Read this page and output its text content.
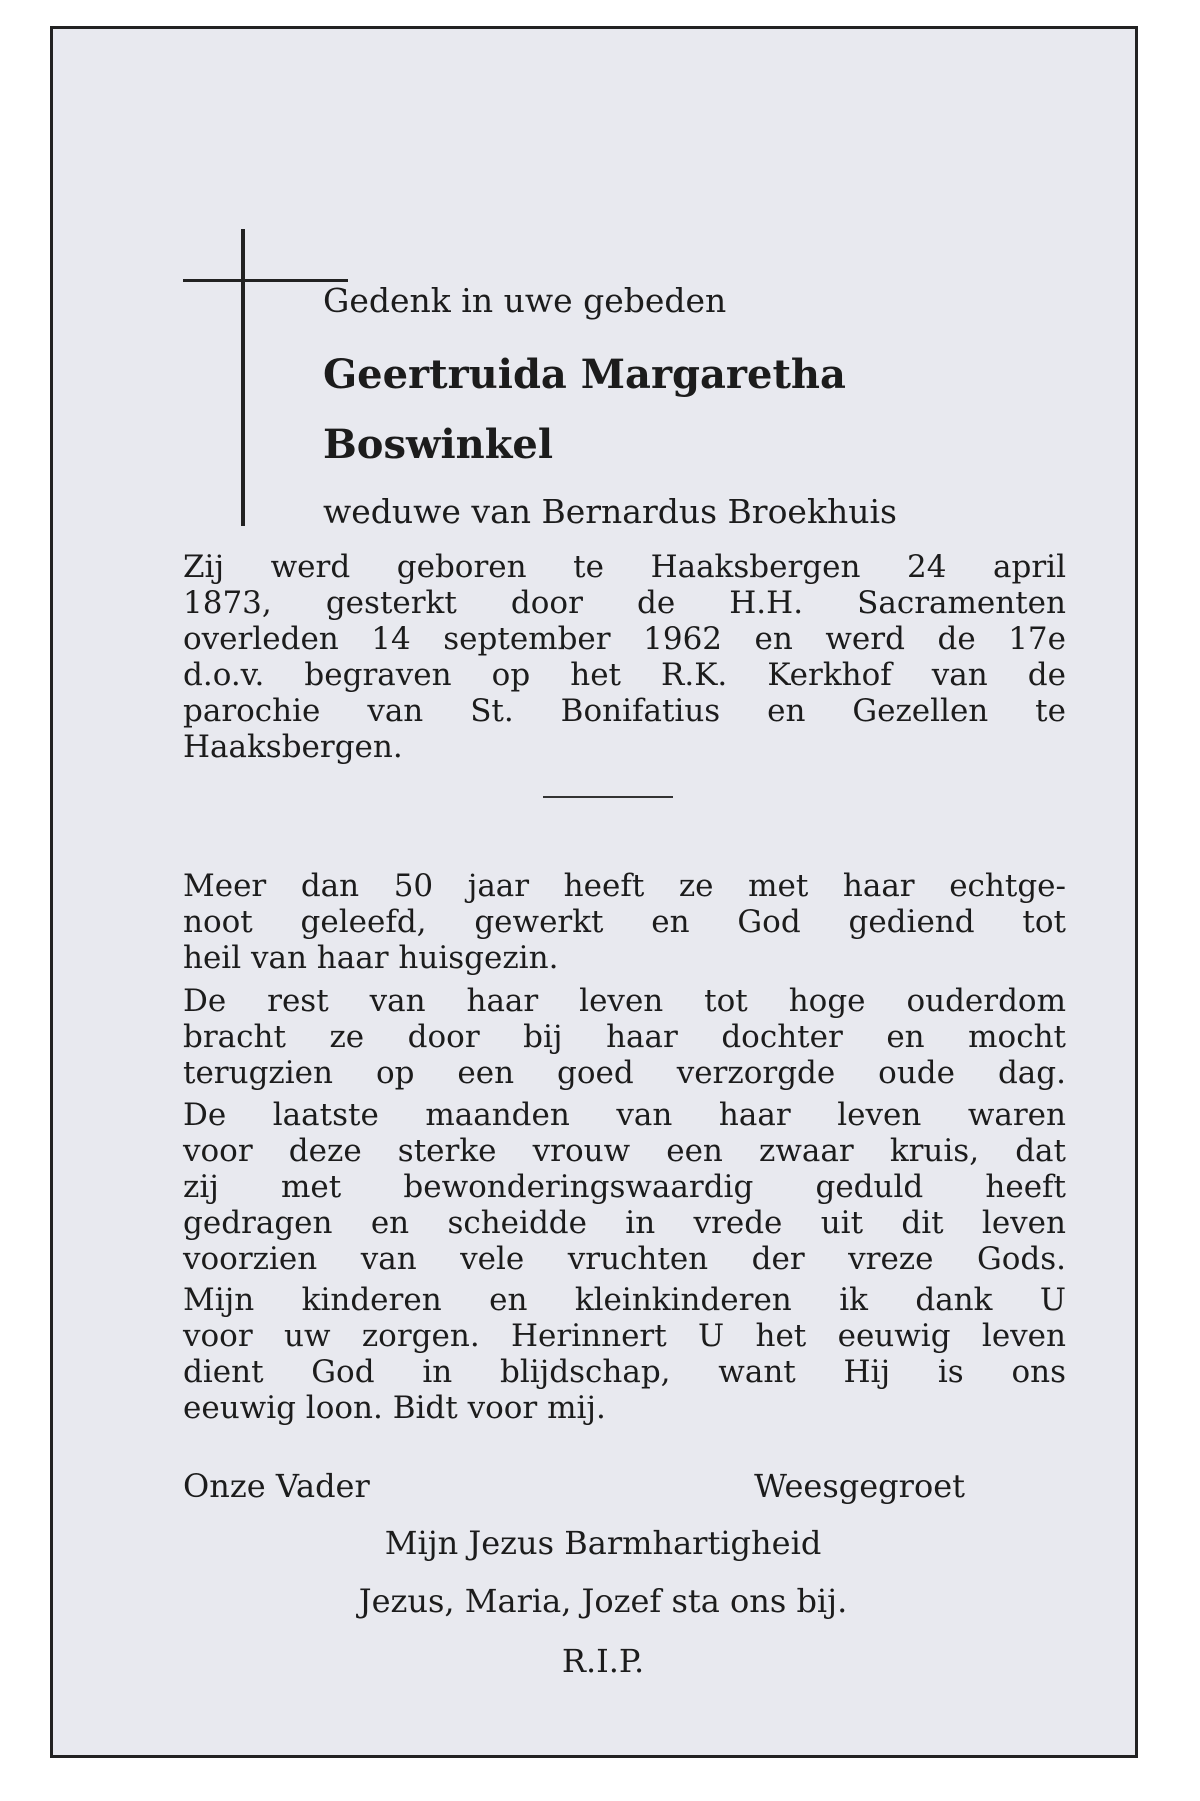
Gedenk in uwe gebeden
Geertruida Margaretha
Boswinkel
weduwe van Bernardus Broekhuis
Zij werd geboren te Haaksbergen 24 april
1873, gesterkt door de H.H. Sacramenten
overleden 14 september 1962 en werd de 17e
d.o.v. begraven op het R.K. Kerkhof van de
parochie van St. Bonifatius en Gezellen te
Haaksbergen.
Meer dan 50 jaar heeft ze met haar echtge-
noot geleefd, gewerkt en God gediend tot
heil van haar huisgezin.
De rest van haar leven tot hoge ouderdom
bracht ze door bij haar dochter en mocht
terugzien op een goed verzorgde oude dag.
De laatste maanden van haar leven waren
voor deze sterke vrouw een zwaar kruis, dat
zij met bewonderingswaardig geduld heeft
gedragen en scheidde in vrede uit dit leven
voorzien van vele vruchten der vreze Gods.
Mijn kinderen en kleinkinderen ik dank U
voor uw zorgen. Herinnert U het eeuwig leven
dient God in blijdschap, want Hij is ons
eeuwig loon. Bidt voor mij.
Onze Vader	Weesgegroet
Mijn Jezus Barmhartigheid
Jezus, Maria, Jozef sta ons bij.
R.I.P.
